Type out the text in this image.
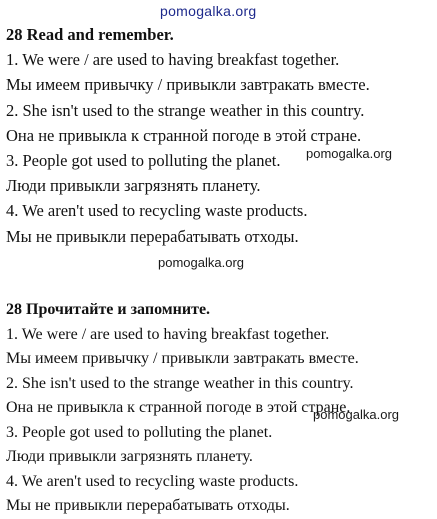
pomogalka.org
28 Read and remember.
1. We were / are used to having breakfast together.
Мы имеем привычку / привыкли завтракать вместе.
2. She isn't used to the strange weather in this country.
Она не привыкла к странной погоде в этой стране.
3. People got used to polluting the planet.
Люди привыкли загрязнять планету.
4. We aren't used to recycling waste products.
Мы не привыкли перерабатывать отходы.
pomogalka.org
pomogalka.org
28 Прочитайте и запомните.
1. We were / are used to having breakfast together.
Мы имеем привычку / привыкли завтракать вместе.
2. She isn't used to the strange weather in this country.
Она не привыкла к странной погоде в этой стране.
3. People got used to polluting the planet.
Люди привыкли загрязнять планету.
4. We aren't used to recycling waste products.
Мы не привыкли перерабатывать отходы.
pomogalka.org
